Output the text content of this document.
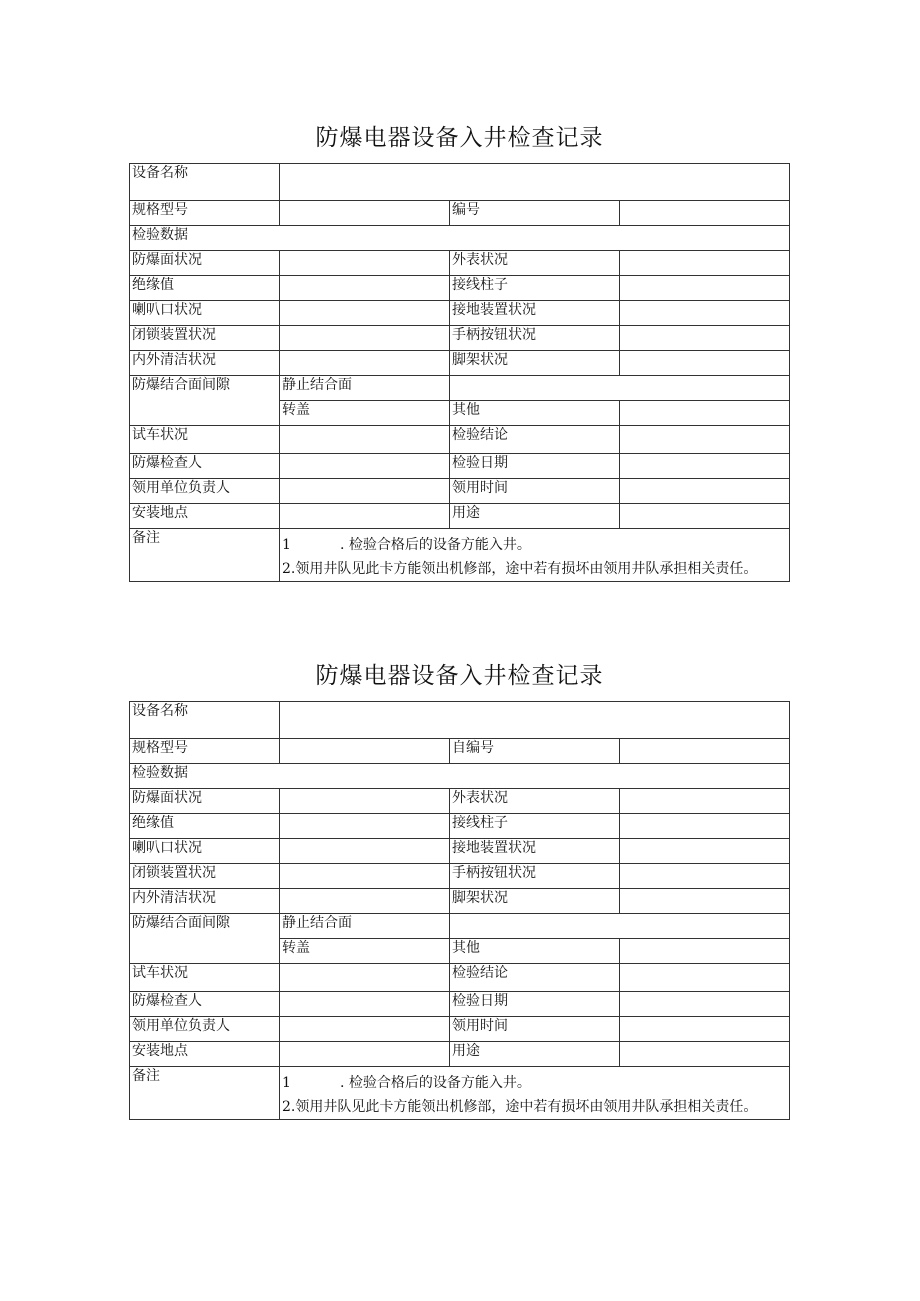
防爆电器设备入井检查记录
设备名称			
规格型号		编号	
检验数据			
防爆面状况		外表状况	
绝缘值		接线柱子	
喇叭口状况		接地装置状况	
闭锁装置状况		手柄按钮状况	
内外清洁状况		脚架状况	
防爆结合面间隙	静止结合面		
	转盖	其他	
试车状况		检验结论	
防爆检查人		检验日期	
领用单位负责人		领用时间	
安装地点		用途	
备注	1 . 检验合格后的设备方能入井。
2.领用井队见此卡方能领出机修部，途中若有损坏由领用井队承担相关责任。		
防爆电器设备入井检查记录
设备名称			
规格型号		自编号	
检验数据			
防爆面状况		外表状况	
绝缘值		接线柱子	
喇叭口状况		接地装置状况	
闭锁装置状况		手柄按钮状况	
内外清洁状况		脚架状况	
防爆结合面间隙	静止结合面		
	转盖	其他	
试车状况		检验结论	
防爆检查人		检验日期	
领用单位负责人		领用时间	
安装地点		用途	
备注	1 . 检验合格后的设备方能入井。
2.领用井队见此卡方能领出机修部，途中若有损坏由领用井队承担相关责任。		
